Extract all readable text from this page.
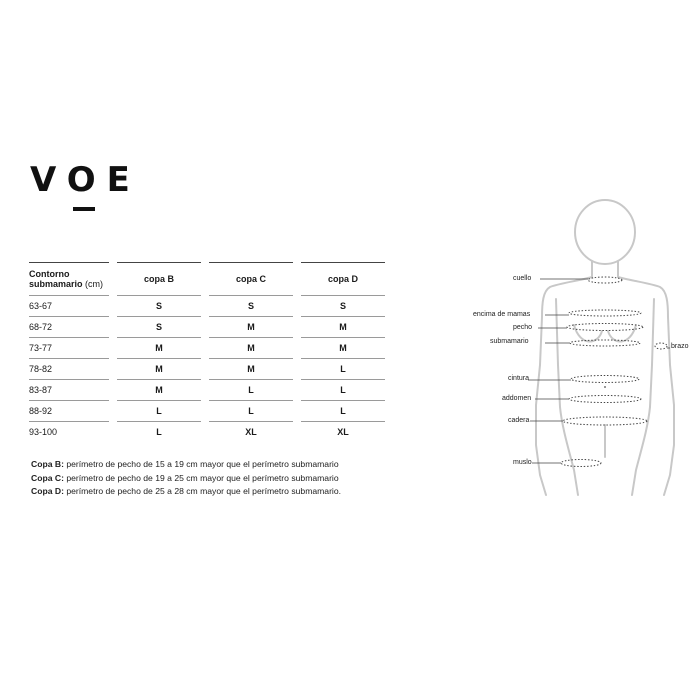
VOE
Contorno
submamario (cm)		copa B		copa C		copa D
63-67		S		S		S
68-72		S		M		M
73-77		M		M		M
78-82		M		M		L
83-87		M		L		L
88-92		L		L		L
93-100		L		XL		XL
Copa B: perímetro de pecho de 15 a 19 cm mayor que el perímetro submamario
Copa C: perímetro de pecho de 19 a 25 cm mayor que el perímetro submamario
Copa D: perímetro de pecho de 25 a 28 cm mayor que el perímetro submamario.
cuello
encima de mamas
pecho
submamario
brazo
cintura
addomen
cadera
muslo
